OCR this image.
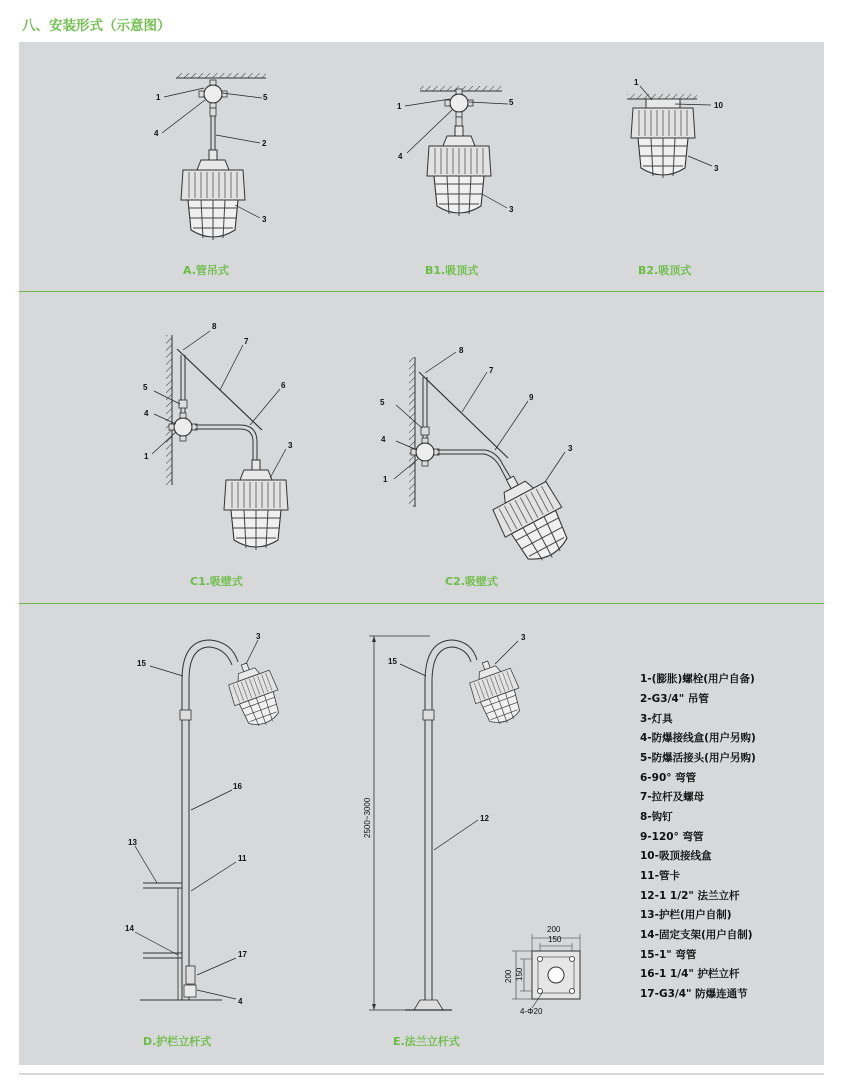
八、安装形式（示意图）
1
4
5
2
3
A.管吊式
1
4
5
3
B1.吸顶式
1
10
3
B2.吸顶式
8
7
6
5
4
1
3
C1.吸壁式
8
7
9
5
4
1
3
C2.吸壁式
3
15
16
13
11
14
17
4
D.护栏立杆式
2500~3000
200
150
200 150
4-Φ20
3
15
12
E.法兰立杆式
1-(膨胀)螺栓(用户自备)
2-G3/4" 吊管
3-灯具
4-防爆接线盒(用户另购)
5-防爆活接头(用户另购)
6-90° 弯管
7-拉杆及螺母
8-钩钉
9-120° 弯管
10-吸顶接线盒
11-管卡
12-1 1/2" 法兰立杆
13-护栏(用户自制)
14-固定支架(用户自制)
15-1" 弯管
16-1 1/4" 护栏立杆
17-G3/4" 防爆连通节
